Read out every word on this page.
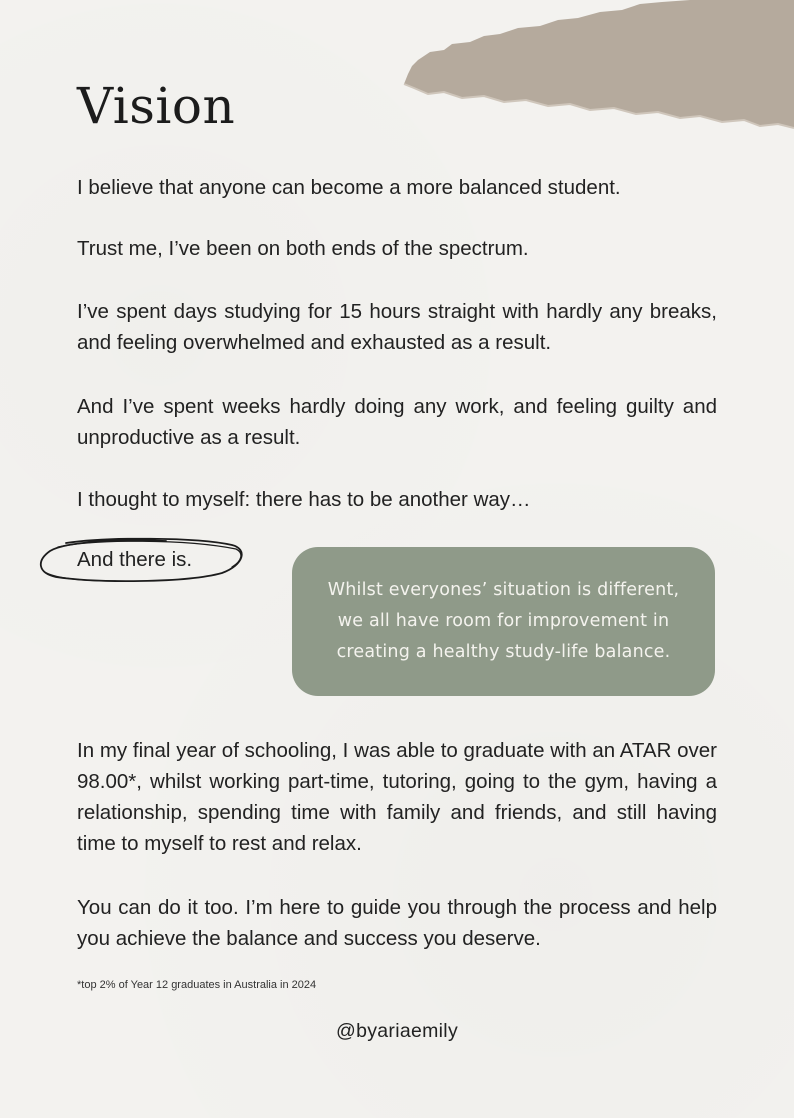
Vision

I believe that anyone can become a more balanced student.

Trust me, I’ve been on both ends of the spectrum.

I’ve spent days studying for 15 hours straight with hardly any breaks, and feeling overwhelmed and exhausted as a result.

And I’ve spent weeks hardly doing any work, and feeling guilty and unproductive as a result.

I thought to myself: there has to be another way…

And there is.

Whilst everyones’ situation is different,
we all have room for improvement in
creating a healthy study-life balance.

In my final year of schooling, I was able to graduate with an ATAR over 98.00*, whilst working part-time, tutoring, going to the gym, having a relationship, spending time with family and friends, and still having time to myself to rest and relax.

You can do it too. I’m here to guide you through the process and help you achieve the balance and success you deserve.

*top 2% of Year 12 graduates in Australia in 2024

@byariaemily
